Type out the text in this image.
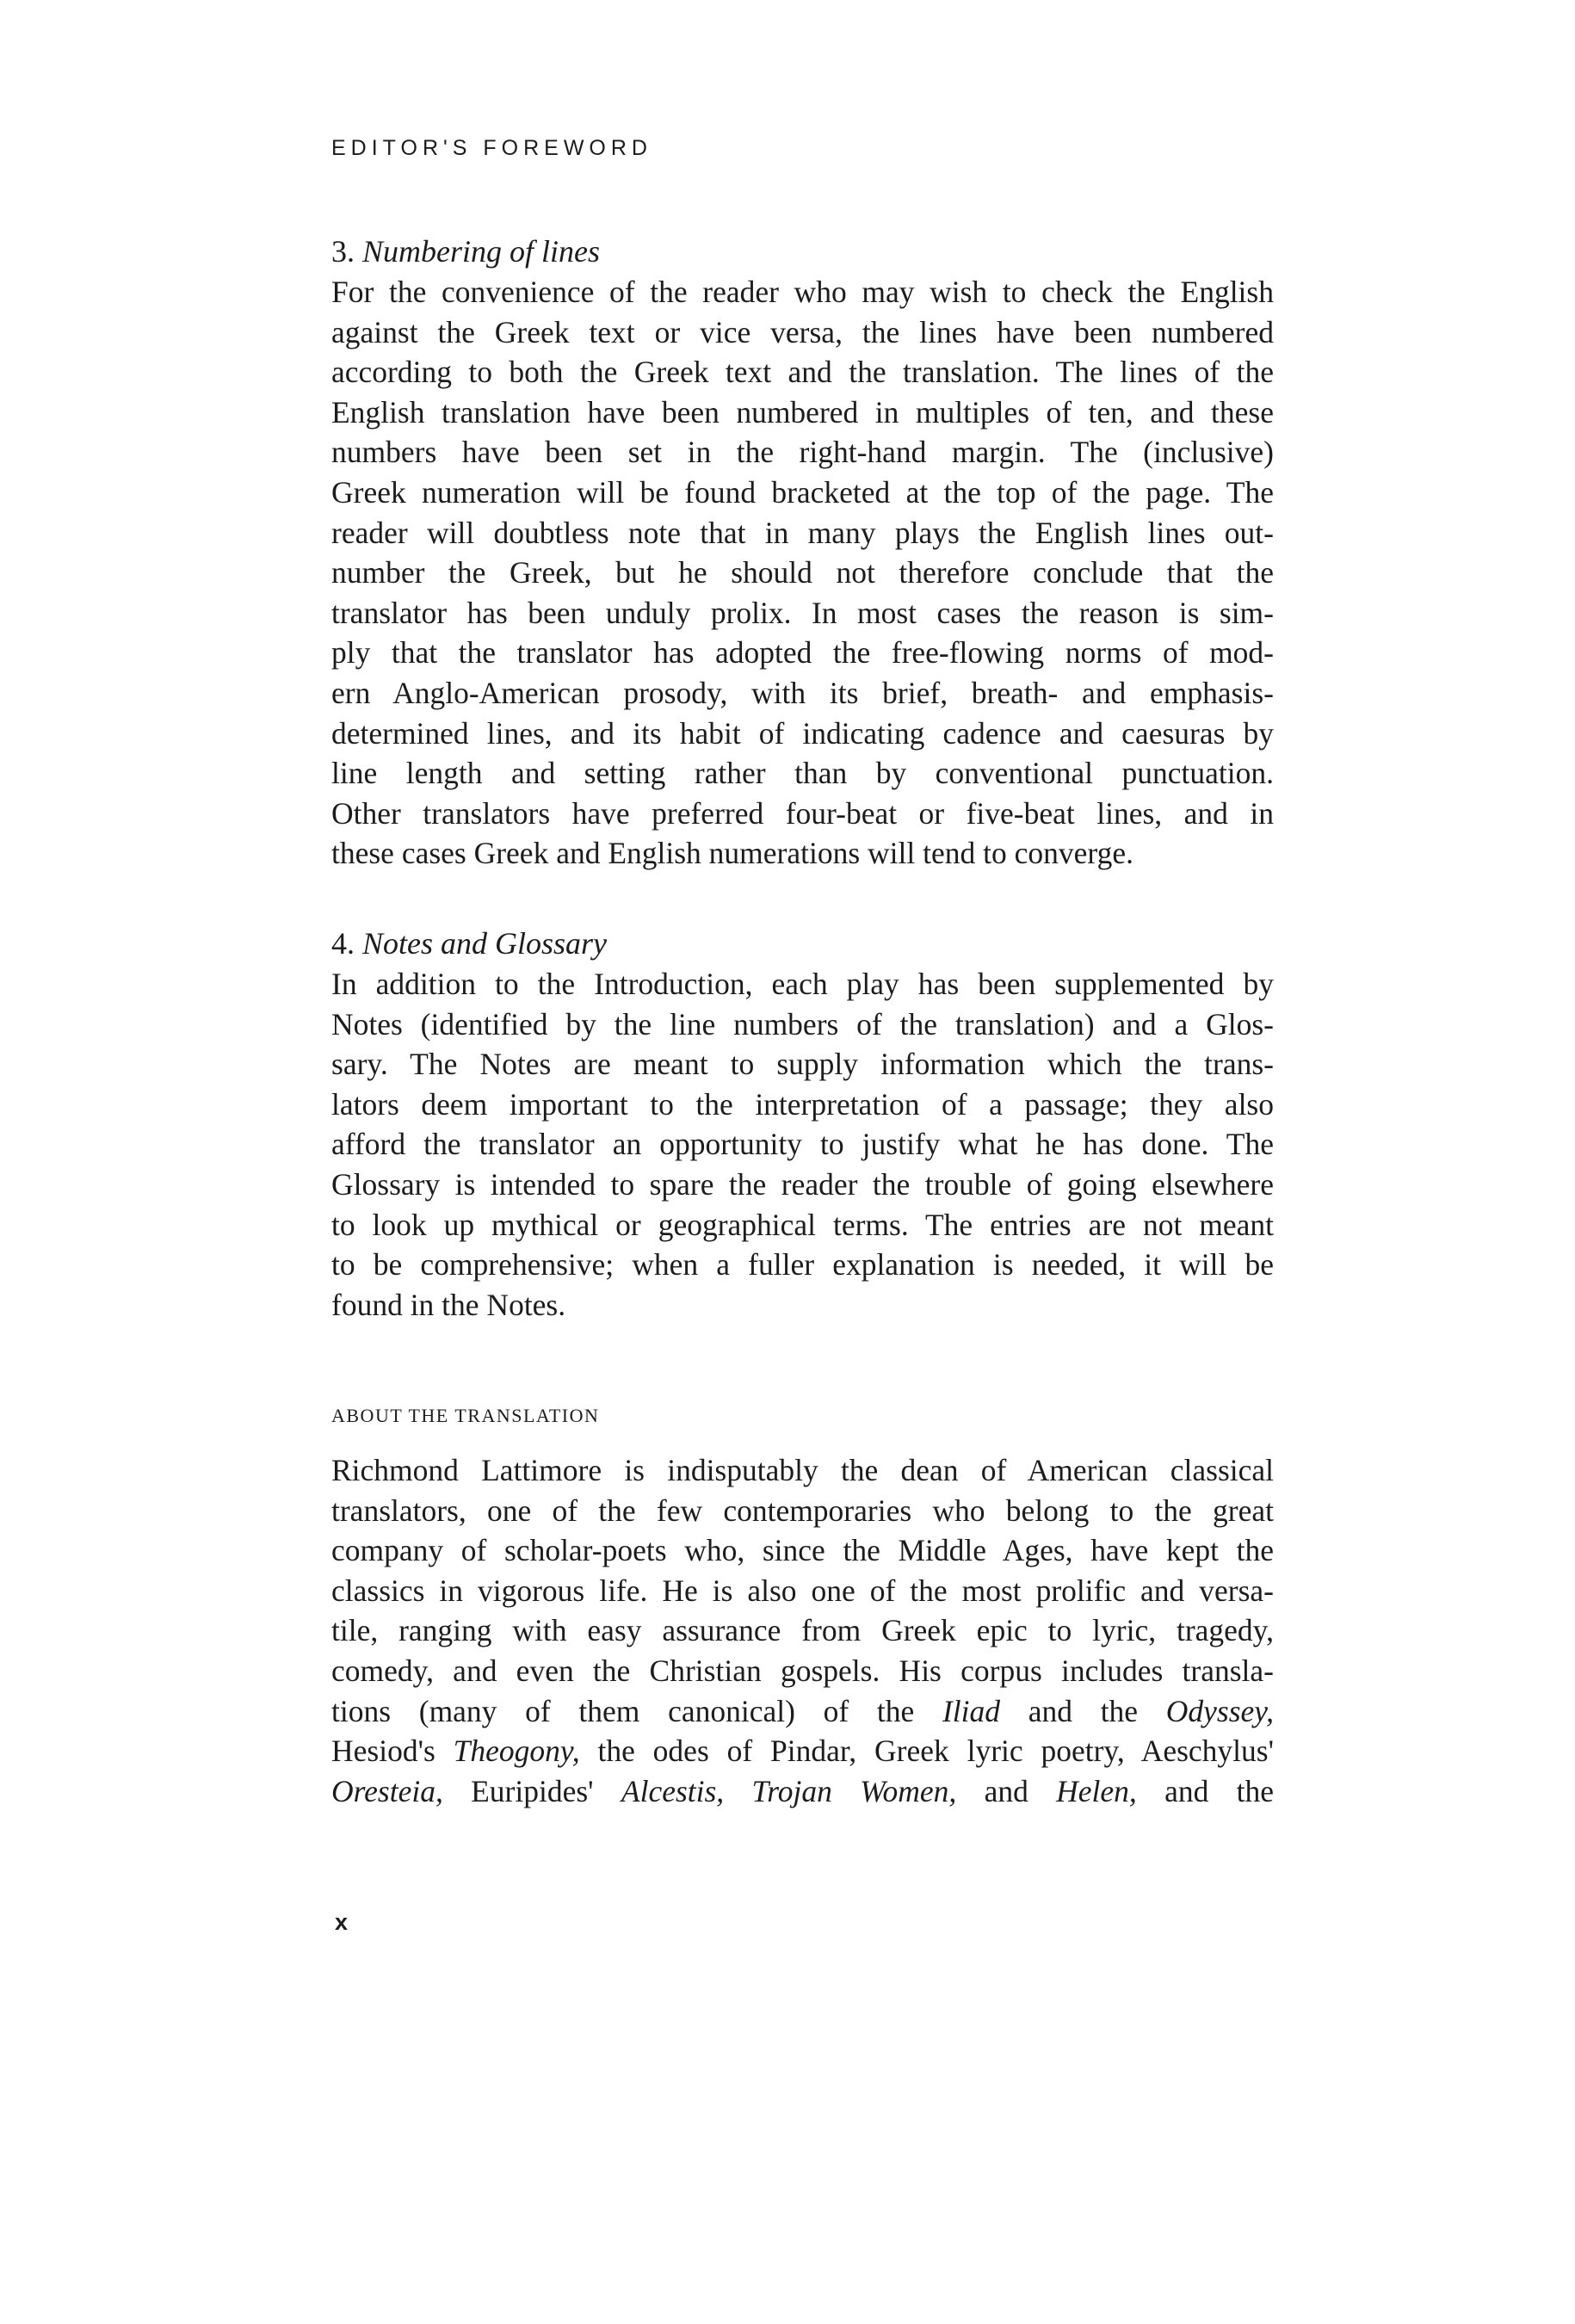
EDITOR'S FOREWORD
3. Numbering of lines
For the convenience of the reader who may wish to check the English
against the Greek text or vice versa, the lines have been numbered
according to both the Greek text and the translation. The lines of the
English translation have been numbered in multiples of ten, and these
numbers have been set in the right-hand margin. The (inclusive)
Greek numeration will be found bracketed at the top of the page. The
reader will doubtless note that in many plays the English lines out-
number the Greek, but he should not therefore conclude that the
translator has been unduly prolix. In most cases the reason is sim-
ply that the translator has adopted the free-flowing norms of mod-
ern Anglo-American prosody, with its brief, breath- and emphasis-
determined lines, and its habit of indicating cadence and caesuras by
line length and setting rather than by conventional punctuation.
Other translators have preferred four-beat or five-beat lines, and in
these cases Greek and English numerations will tend to converge.
4. Notes and Glossary
In addition to the Introduction, each play has been supplemented by
Notes (identified by the line numbers of the translation) and a Glos-
sary. The Notes are meant to supply information which the trans-
lators deem important to the interpretation of a passage; they also
afford the translator an opportunity to justify what he has done. The
Glossary is intended to spare the reader the trouble of going elsewhere
to look up mythical or geographical terms. The entries are not meant
to be comprehensive; when a fuller explanation is needed, it will be
found in the Notes.
ABOUT THE TRANSLATION
Richmond Lattimore is indisputably the dean of American classical
translators, one of the few contemporaries who belong to the great
company of scholar-poets who, since the Middle Ages, have kept the
classics in vigorous life. He is also one of the most prolific and versa-
tile, ranging with easy assurance from Greek epic to lyric, tragedy,
comedy, and even the Christian gospels. His corpus includes transla-
tions (many of them canonical) of the Iliad and the Odyssey,
Hesiod's Theogony, the odes of Pindar, Greek lyric poetry, Aeschylus'
Oresteia, Euripides' Alcestis, Trojan Women, and Helen, and the
x
